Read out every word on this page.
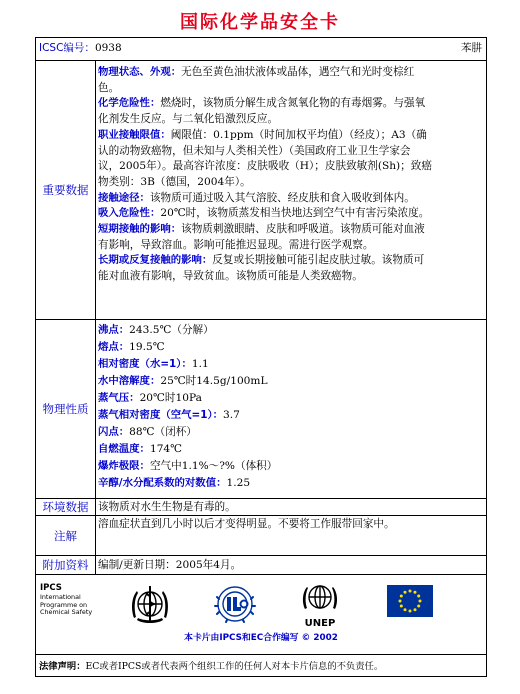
国际化学品安全卡
ICSC编号：0938	苯肼
重要数据

物理状态、外观：无色至黄色油状液体或晶体，遇空气和光时变棕红

色。

化学危险性：燃烧时，该物质分解生成含氮氧化物的有毒烟雾。与强氧

化剂发生反应。与二氧化铅激烈反应。

职业接触限值：阈限值：0.1ppm（时间加权平均值）（经皮）；A3（确

认的动物致癌物，但未知与人类相关性）（美国政府工业卫生学家会

议，2005年）。最高容许浓度：皮肤吸收（H）；皮肤致敏剂(Sh)；致癌

物类别：3B（德国，2004年）。

接触途径：该物质可通过吸入其气溶胶、经皮肤和食入吸收到体内。

吸入危险性：20℃时，该物质蒸发相当快地达到空气中有害污染浓度。

短期接触的影响：该物质刺激眼睛、皮肤和呼吸道。该物质可能对血液

有影响，导致溶血。影响可能推迟显现。需进行医学观察。

长期或反复接触的影响：反复或长期接触可能引起皮肤过敏。该物质可

能对血液有影响，导致贫血。该物质可能是人类致癌物。

物理性质

沸点：243.5℃（分解）

熔点：19.5℃

相对密度（水=1）：1.1

水中溶解度：25℃时14.5g/100mL

蒸气压：20℃时10Pa

蒸气相对密度（空气=1）：3.7

闪点：88℃（闭杯）

自燃温度：174℃

爆炸极限：空气中1.1%～?%（体积）

辛醇/水分配系数的对数值：1.25

环境数据 该物质对水生生物是有毒的。
注解
溶血症状直到几小时以后才变得明显。不要将工作服带回家中。
附加资料 编制/更新日期：2005年4月。
IPCS
International
Programme on
Chemical Safety
UNEP
本卡片由IPCS和EC合作编写 © 2002
法律声明：EC或者IPCS或者代表两个组织工作的任何人对本卡片信息的不负责任。
